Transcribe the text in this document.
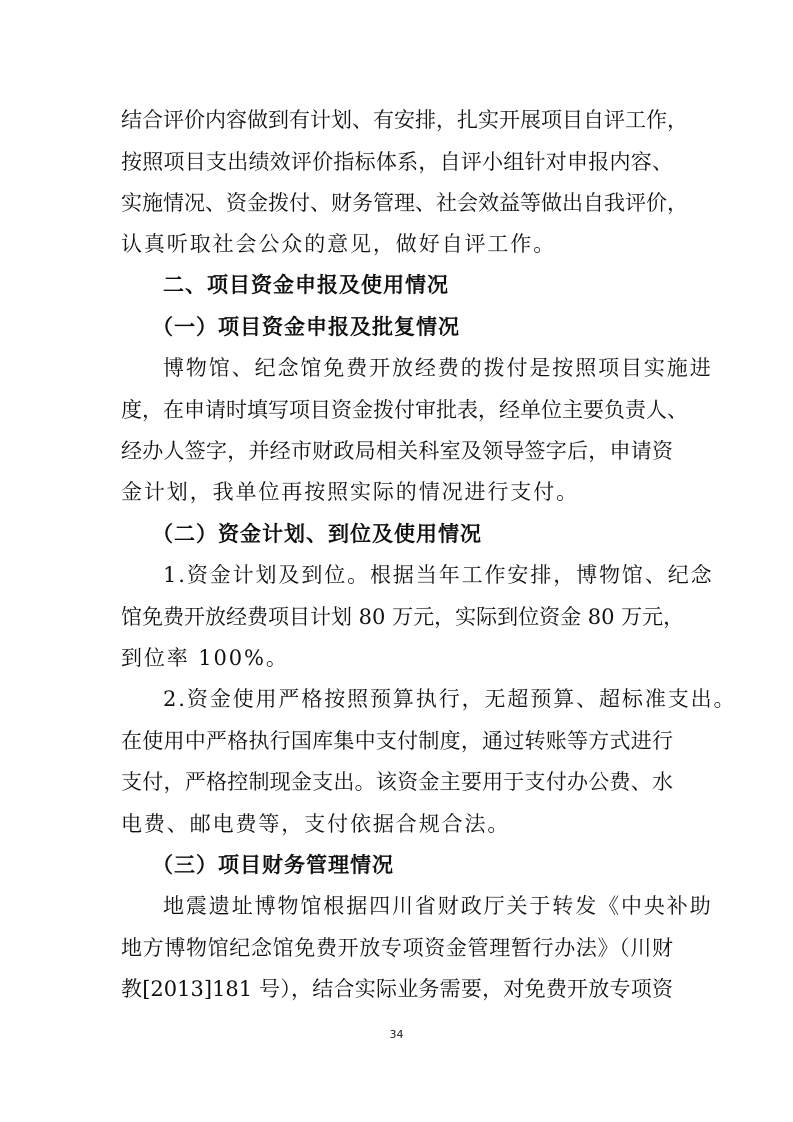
结合评价内容做到有计划、有安排，扎实开展项目自评工作，
按照项目支出绩效评价指标体系，自评小组针对申报内容、
实施情况、资金拨付、财务管理、社会效益等做出自我评价，
认真听取社会公众的意见，做好自评工作。
二、项目资金申报及使用情况
（一）项目资金申报及批复情况
博物馆、纪念馆免费开放经费的拨付是按照项目实施进
度，在申请时填写项目资金拨付审批表，经单位主要负责人、
经办人签字，并经市财政局相关科室及领导签字后，申请资
金计划，我单位再按照实际的情况进行支付。
（二）资金计划、到位及使用情况
1.资金计划及到位。根据当年工作安排，博物馆、纪念
馆免费开放经费项目计划 80 万元，实际到位资金 80 万元，
到位率 100%。
2.资金使用严格按照预算执行，无超预算、超标准支出。
在使用中严格执行国库集中支付制度，通过转账等方式进行
支付，严格控制现金支出。该资金主要用于支付办公费、水
电费、邮电费等，支付依据合规合法。
（三）项目财务管理情况
地震遗址博物馆根据四川省财政厅关于转发《中央补助
地方博物馆纪念馆免费开放专项资金管理暂行办法》（川财
教[2013]181 号），结合实际业务需要，对免费开放专项资
34
